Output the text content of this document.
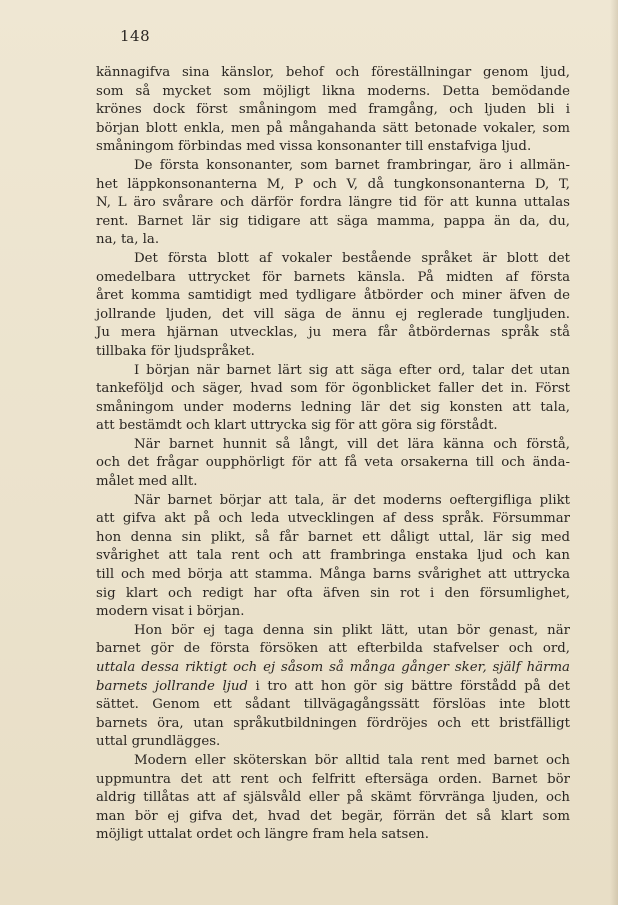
148
kännagifva sina känslor, behof och föreställningar genom ljud,
som så mycket som möjligt likna moderns. Detta bemödande
krönes dock först småningom med framgång, och ljuden bli i
början blott enkla, men på mångahanda sätt betonade vokaler, som
småningom förbindas med vissa konsonanter till enstafviga ljud.
De första konsonanter, som barnet frambringar, äro i allmän-
het läppkonsonanterna M, P och V, då tungkonsonanterna D, T,
N, L äro svårare och därför fordra längre tid för att kunna uttalas
rent. Barnet lär sig tidigare att säga mamma, pappa än da, du,
na, ta, la.
Det första blott af vokaler bestående språket är blott det
omedelbara uttrycket för barnets känsla. På midten af första
året komma samtidigt med tydligare åtbörder och miner äfven de
jollrande ljuden, det vill säga de ännu ej reglerade tungljuden.
Ju mera hjärnan utvecklas, ju mera får åtbördernas språk stå
tillbaka för ljudspråket.
I början när barnet lärt sig att säga efter ord, talar det utan
tankeföljd och säger, hvad som för ögonblicket faller det in. Först
småningom under moderns ledning lär det sig konsten att tala,
att bestämdt och klart uttrycka sig för att göra sig förstådt.
När barnet hunnit så långt, vill det lära känna och förstå,
och det frågar oupphörligt för att få veta orsakerna till och ända-
målet med allt.
När barnet börjar att tala, är det moderns oeftergifliga plikt
att gifva akt på och leda utvecklingen af dess språk. Försummar
hon denna sin plikt, så får barnet ett dåligt uttal, lär sig med
svårighet att tala rent och att frambringa enstaka ljud och kan
till och med börja att stamma. Många barns svårighet att uttrycka
sig klart och redigt har ofta äfven sin rot i den försumlighet,
modern visat i början.
Hon bör ej taga denna sin plikt lätt, utan bör genast, när
barnet gör de första försöken att efterbilda stafvelser och ord,
uttala dessa riktigt och ej såsom så många gånger sker, själf härma
barnets jollrande ljud i tro att hon gör sig bättre förstådd på det
sättet. Genom ett sådant tillvägagångssätt förslöas inte blott
barnets öra, utan språkutbildningen fördröjes och ett bristfälligt
uttal grundlägges.
Modern eller sköterskan bör alltid tala rent med barnet och
uppmuntra det att rent och felfritt eftersäga orden. Barnet bör
aldrig tillåtas att af själsvåld eller på skämt förvränga ljuden, och
man bör ej gifva det, hvad det begär, förrän det så klart som
möjligt uttalat ordet och längre fram hela satsen.
